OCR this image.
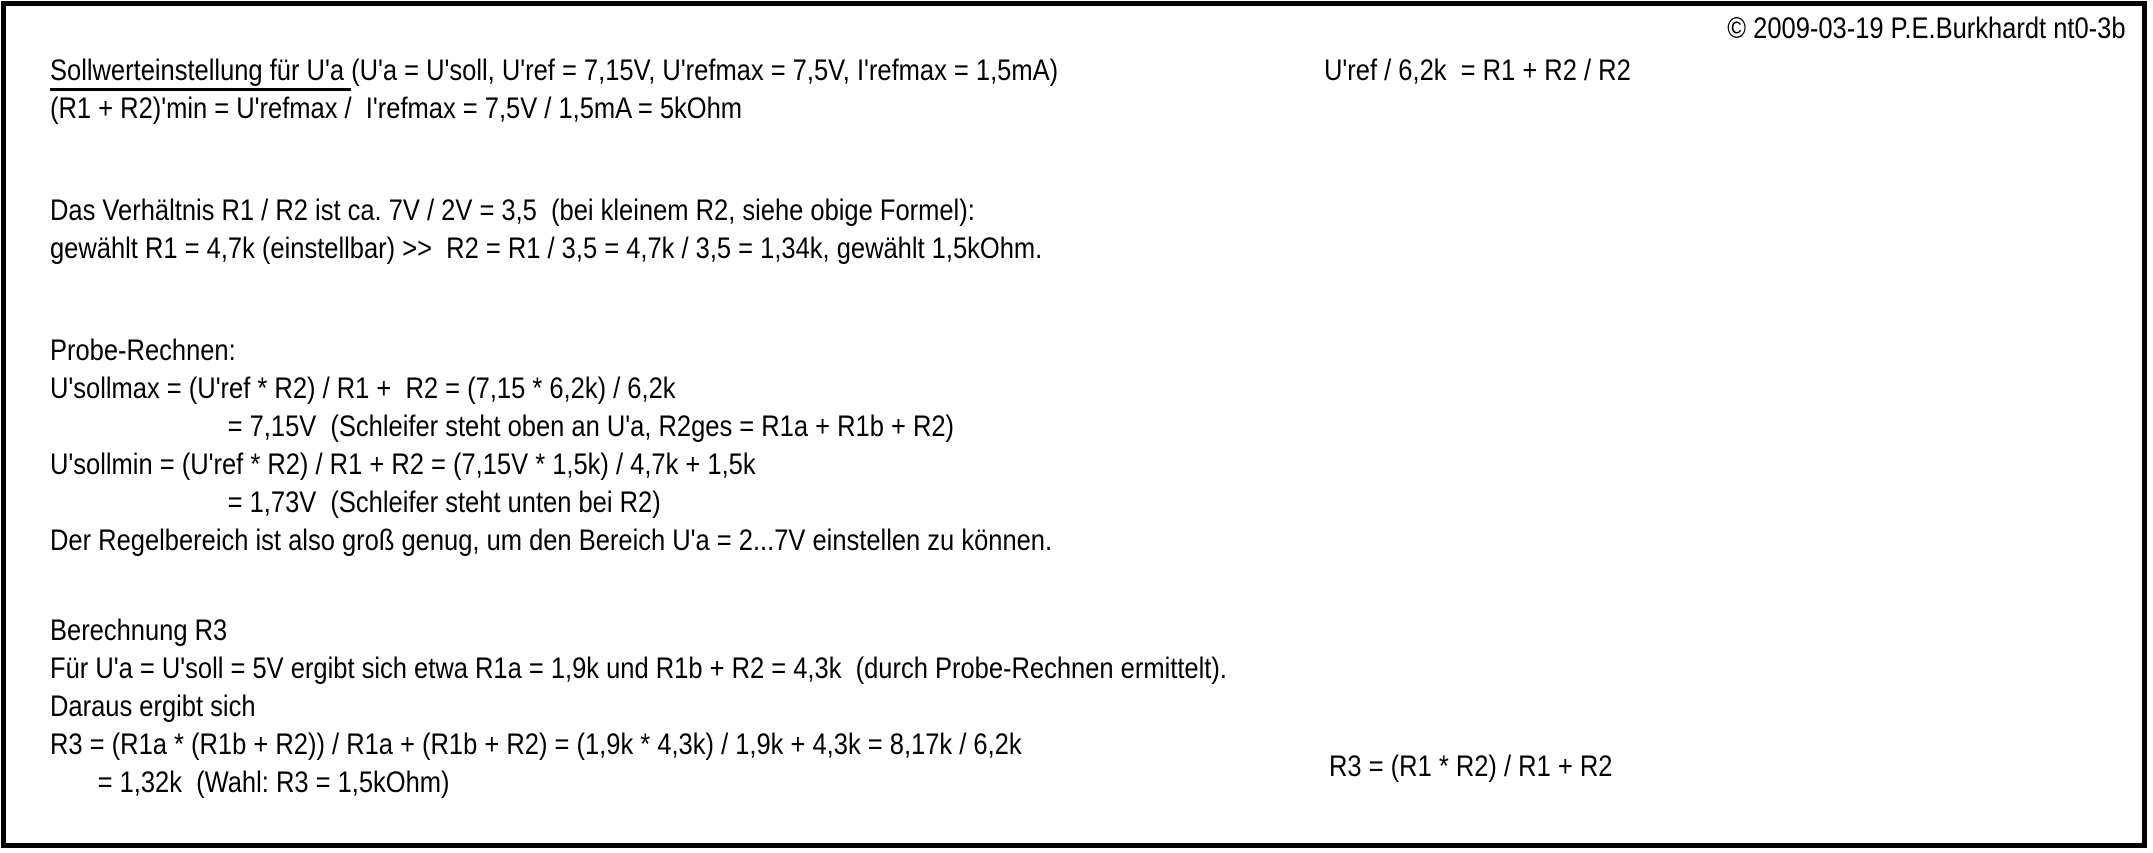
© 2009-03-19 P.E.Burkhardt nt0-3b
U'ref / 6,2k  = R1 + R2 / R2
Sollwerteinstellung für U'a (U'a = U'soll, U'ref = 7,15V, U'refmax = 7,5V, I'refmax = 1,5mA)
(R1 + R2)'min = U'refmax /  I'refmax = 7,5V / 1,5mA = 5kOhm
Das Verhältnis R1 / R2 ist ca. 7V / 2V = 3,5  (bei kleinem R2, siehe obige Formel):
gewählt R1 = 4,7k (einstellbar) >>  R2 = R1 / 3,5 = 4,7k / 3,5 = 1,34k, gewählt 1,5kOhm.
Probe-Rechnen:
U'sollmax = (U'ref * R2) / R1 +  R2 = (7,15 * 6,2k) / 6,2k
= 7,15V  (Schleifer steht oben an U'a, R2ges = R1a + R1b + R2)
U'sollmin = (U'ref * R2) / R1 + R2 = (7,15V * 1,5k) / 4,7k + 1,5k
= 1,73V  (Schleifer steht unten bei R2)
Der Regelbereich ist also groß genug, um den Bereich U'a = 2...7V einstellen zu können.
Berechnung R3
Für U'a = U'soll = 5V ergibt sich etwa R1a = 1,9k und R1b + R2 = 4,3k  (durch Probe-Rechnen ermittelt).
Daraus ergibt sich
R3 = (R1a * (R1b + R2)) / R1a + (R1b + R2) = (1,9k * 4,3k) / 1,9k + 4,3k = 8,17k / 6,2k
= 1,32k  (Wahl: R3 = 1,5kOhm)	R3 = (R1 * R2) / R1 + R2
